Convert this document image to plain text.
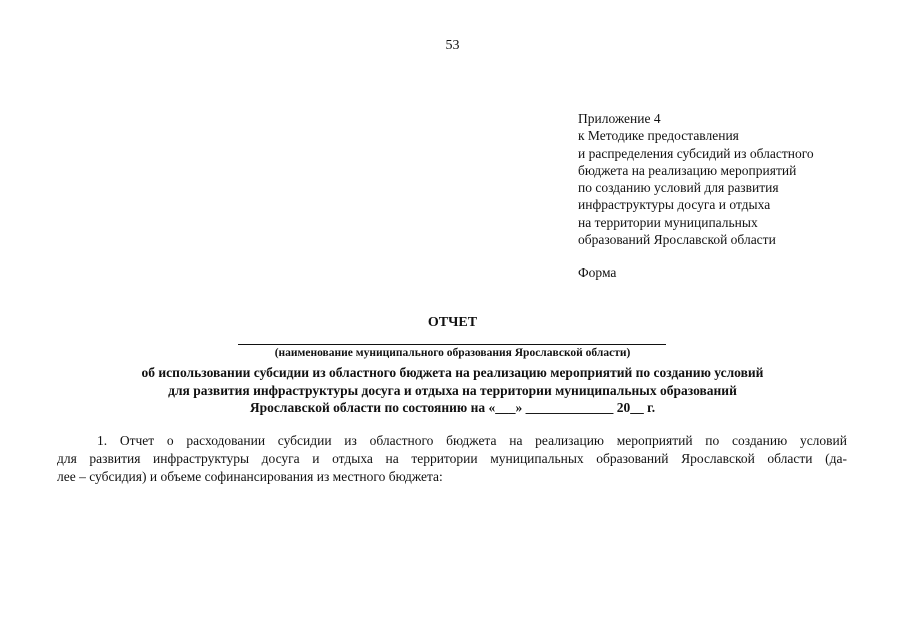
53
Приложение 4
к Методике предоставления
и распределения субсидий из областного
бюджета на реализацию мероприятий
по созданию условий для развития
инфраструктуры досуга и отдыха
на территории муниципальных
образований Ярославской области
Форма
ОТЧЕТ
(наименование муниципального образования Ярославской области)
об использовании субсидии из областного бюджета на реализацию мероприятий по созданию условий
для развития инфраструктуры досуга и отдыха на территории муниципальных образований
Ярославской области по состоянию на «___» _____________ 20__ г.
1. Отчет о расходовании субсидии из областного бюджета на реализацию мероприятий по созданию условий
для развития инфраструктуры досуга и отдыха на территории муниципальных образований Ярославской области (да-
лее – субсидия) и объеме софинансирования из местного бюджета:
